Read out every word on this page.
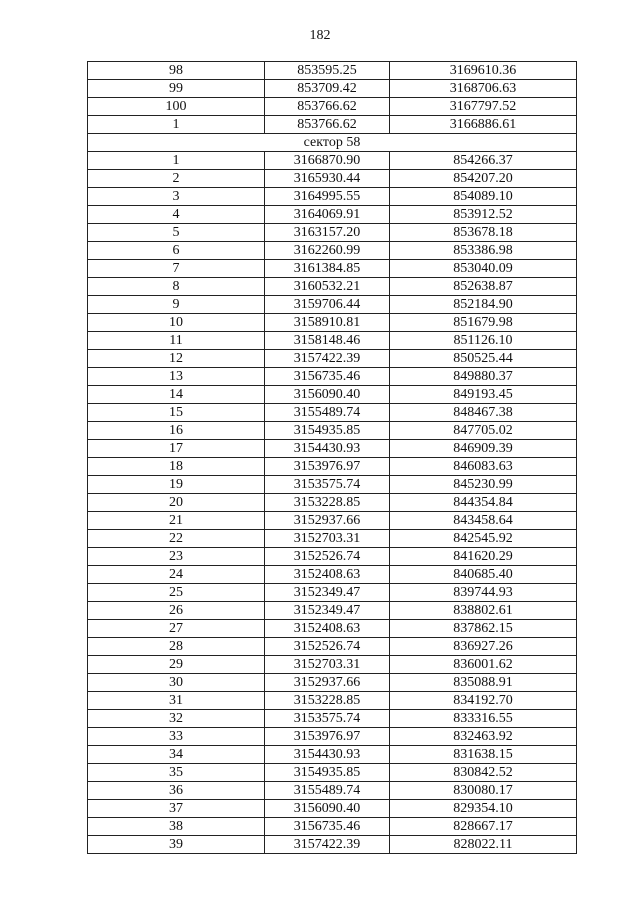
182
98	853595.25	3169610.36
99	853709.42	3168706.63
100	853766.62	3167797.52
1	853766.62	3166886.61
сектор 58		
1	3166870.90	854266.37
2	3165930.44	854207.20
3	3164995.55	854089.10
4	3164069.91	853912.52
5	3163157.20	853678.18
6	3162260.99	853386.98
7	3161384.85	853040.09
8	3160532.21	852638.87
9	3159706.44	852184.90
10	3158910.81	851679.98
11	3158148.46	851126.10
12	3157422.39	850525.44
13	3156735.46	849880.37
14	3156090.40	849193.45
15	3155489.74	848467.38
16	3154935.85	847705.02
17	3154430.93	846909.39
18	3153976.97	846083.63
19	3153575.74	845230.99
20	3153228.85	844354.84
21	3152937.66	843458.64
22	3152703.31	842545.92
23	3152526.74	841620.29
24	3152408.63	840685.40
25	3152349.47	839744.93
26	3152349.47	838802.61
27	3152408.63	837862.15
28	3152526.74	836927.26
29	3152703.31	836001.62
30	3152937.66	835088.91
31	3153228.85	834192.70
32	3153575.74	833316.55
33	3153976.97	832463.92
34	3154430.93	831638.15
35	3154935.85	830842.52
36	3155489.74	830080.17
37	3156090.40	829354.10
38	3156735.46	828667.17
39	3157422.39	828022.11
